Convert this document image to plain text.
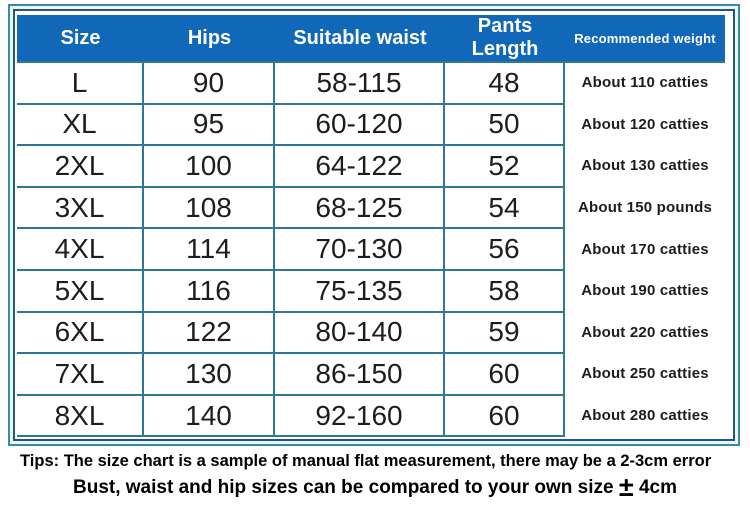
Size	Hips	Suitable waist	Pants Length	Recommended weight
L	90	58-115	48	About 110 catties
XL	95	60-120	50	About 120 catties
2XL	100	64-122	52	About 130 catties
3XL	108	68-125	54	About 150 pounds
4XL	114	70-130	56	About 170 catties
5XL	116	75-135	58	About 190 catties
6XL	122	80-140	59	About 220 catties
7XL	130	86-150	60	About 250 catties
8XL	140	92-160	60	About 280 catties
Tips: The size chart is a sample of manual flat measurement, there may be a 2-3cm error
Bust, waist and hip sizes can be compared to your own size ± 4cm
